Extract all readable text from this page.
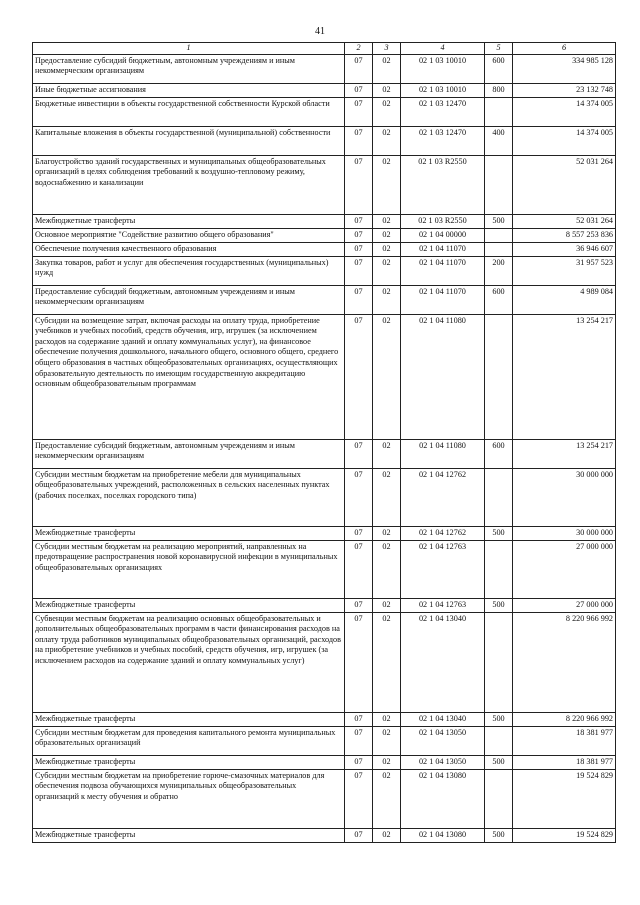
41
1	2	3	4	5	6
Предоставление субсидий бюджетным, автономным учреждениям и иным некоммерческим организациям	07	02	02 1 03 10010	600	334 985 128
Иные бюджетные ассигнования	07	02	02 1 03 10010	800	23 132 748
Бюджетные инвестиции в объекты государственной собственности Курской области	07	02	02 1 03 12470		14 374 005
Капитальные вложения в объекты государственной (муниципальной) собственности	07	02	02 1 03 12470	400	14 374 005
Благоустройство зданий государственных и муниципальных общеобразовательных организаций в целях соблюдения требований к воздушно-тепловому режиму, водоснабжению и канализации	07	02	02 1 03 R2550		52 031 264
Межбюджетные трансферты	07	02	02 1 03 R2550	500	52 031 264
Основное мероприятие "Содействие развитию общего образования"	07	02	02 1 04 00000		8 557 253 836
Обеспечение получения качественного образования	07	02	02 1 04 11070		36 946 607
Закупка товаров, работ и услуг для обеспечения государственных (муниципальных) нужд	07	02	02 1 04 11070	200	31 957 523
Предоставление субсидий бюджетным, автономным учреждениям и иным некоммерческим организациям	07	02	02 1 04 11070	600	4 989 084
Субсидии на возмещение затрат, включая расходы на оплату труда, приобретение учебников и учебных пособий, средств обучения, игр, игрушек (за исключением расходов на содержание зданий и оплату коммунальных услуг), на финансовое обеспечение получения дошкольного, начального общего, основного общего, среднего общего образования в частных общеобразовательных организациях, осуществляющих образовательную деятельность по имеющим государственную аккредитацию основным общеобразовательным программам	07	02	02 1 04 11080		13 254 217
Предоставление субсидий бюджетным, автономным учреждениям и иным некоммерческим организациям	07	02	02 1 04 11080	600	13 254 217
Субсидии местным бюджетам на приобретение мебели для муниципальных общеобразовательных учреждений, расположенных в сельских населенных пунктах (рабочих поселках, поселках городского типа)	07	02	02 1 04 12762		30 000 000
Межбюджетные трансферты	07	02	02 1 04 12762	500	30 000 000
Субсидии местным бюджетам на реализацию мероприятий, направленных на предотвращение распространения новой коронавирусной инфекции в муниципальных общеобразовательных организациях	07	02	02 1 04 12763		27 000 000
Межбюджетные трансферты	07	02	02 1 04 12763	500	27 000 000
Субвенции местным бюджетам на реализацию основных общеобразовательных и дополнительных общеобразовательных программ в части финансирования расходов на оплату труда работников муниципальных общеобразовательных организаций, расходов на приобретение учебников и учебных пособий, средств обучения, игр, игрушек (за исключением расходов на содержание зданий и оплату коммунальных услуг)	07	02	02 1 04 13040		8 220 966 992
Межбюджетные трансферты	07	02	02 1 04 13040	500	8 220 966 992
Субсидии местным бюджетам для проведения капитального ремонта муниципальных образовательных организаций	07	02	02 1 04 13050		18 381 977
Межбюджетные трансферты	07	02	02 1 04 13050	500	18 381 977
Субсидии местным бюджетам на приобретение горюче-смазочных материалов для обеспечения подвоза обучающихся муниципальных общеобразовательных организаций к месту обучения и обратно	07	02	02 1 04 13080		19 524 829
Межбюджетные трансферты	07	02	02 1 04 13080	500	19 524 829
